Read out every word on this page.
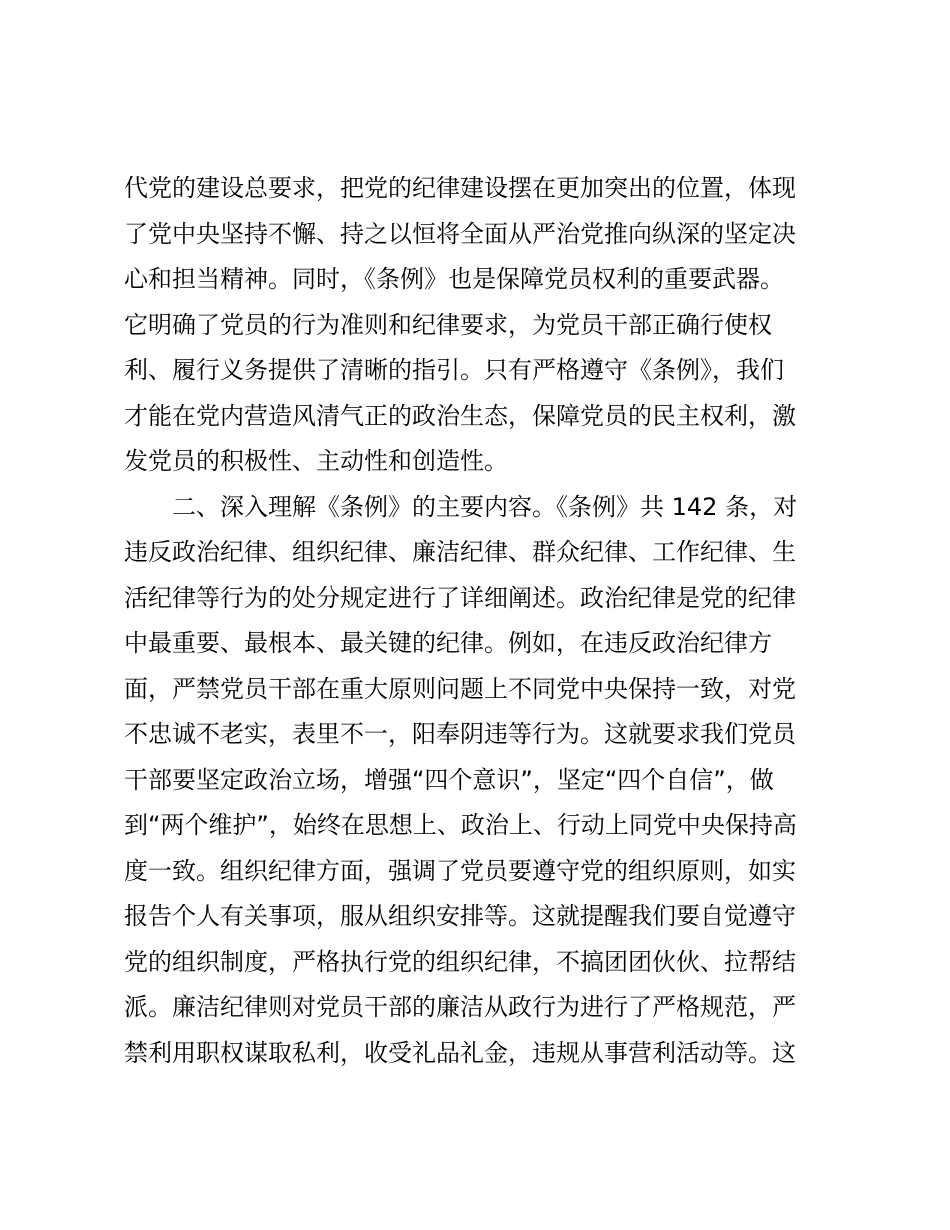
代党的建设总要求，把党的纪律建设摆在更加突出的位置，体现
了党中央坚持不懈、持之以恒将全面从严治党推向纵深的坚定决
心和担当精神。同时，《条例》也是保障党员权利的重要武器。
它明确了党员的行为准则和纪律要求，为党员干部正确行使权
利、履行义务提供了清晰的指引。只有严格遵守《条例》，我们
才能在党内营造风清气正的政治生态，保障党员的民主权利，激
发党员的积极性、主动性和创造性。
二、深入理解《条例》的主要内容。《条例》共 142 条，对
违反政治纪律、组织纪律、廉洁纪律、群众纪律、工作纪律、生
活纪律等行为的处分规定进行了详细阐述。政治纪律是党的纪律
中最重要、最根本、最关键的纪律。例如，在违反政治纪律方
面，严禁党员干部在重大原则问题上不同党中央保持一致，对党
不忠诚不老实，表里不一，阳奉阴违等行为。这就要求我们党员
干部要坚定政治立场，增强“四个意识”，坚定“四个自信”，做
到“两个维护”，始终在思想上、政治上、行动上同党中央保持高
度一致。组织纪律方面，强调了党员要遵守党的组织原则，如实
报告个人有关事项，服从组织安排等。这就提醒我们要自觉遵守
党的组织制度，严格执行党的组织纪律，不搞团团伙伙、拉帮结
派。廉洁纪律则对党员干部的廉洁从政行为进行了严格规范，严
禁利用职权谋取私利，收受礼品礼金，违规从事营利活动等。这
